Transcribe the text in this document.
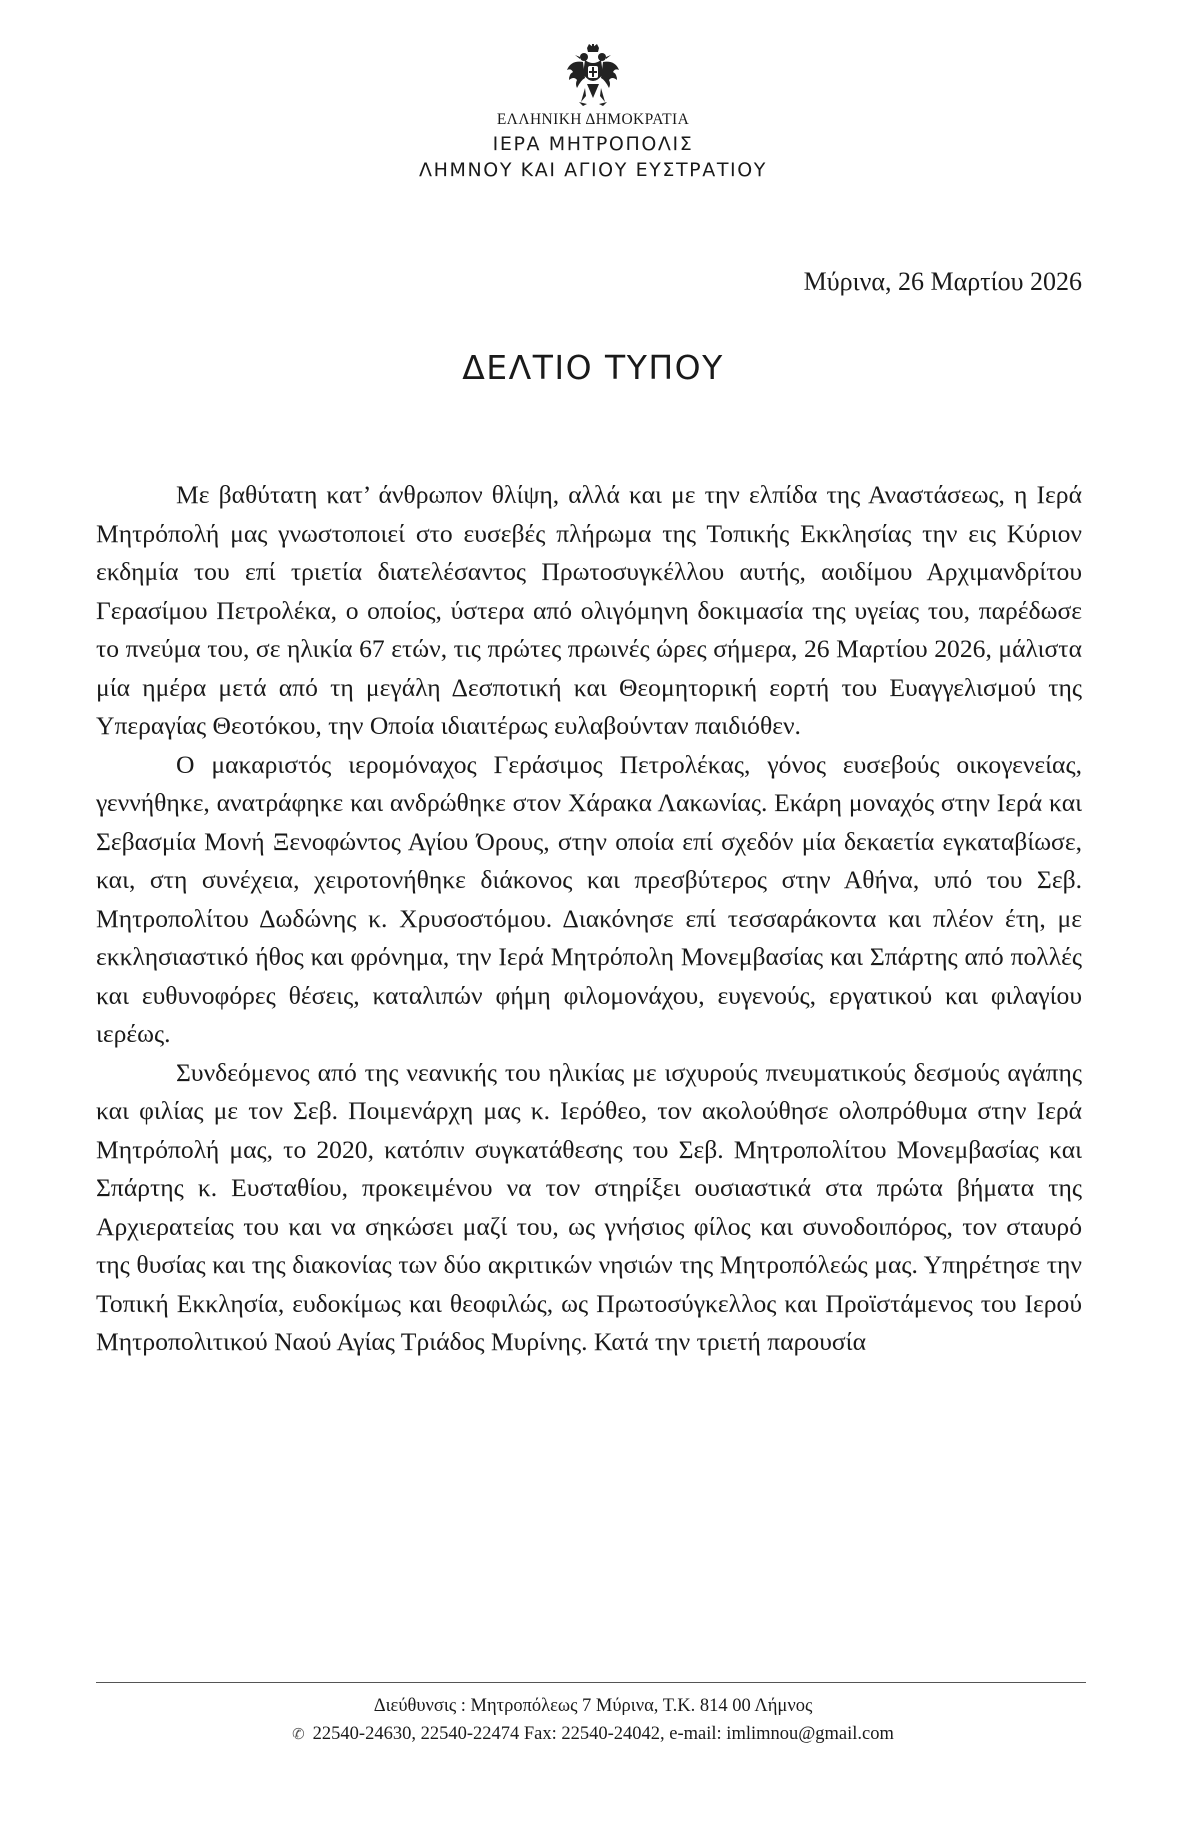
ΕΛΛΗΝΙΚΗ ΔΗΜΟΚΡΑΤΙΑ
ΙΕΡΑ ΜΗΤΡΟΠΟΛΙΣ
ΛΗΜΝΟΥ ΚΑΙ ΑΓΙΟΥ ΕΥΣΤΡΑΤΙΟΥ
Μύρινα, 26 Μαρτίου 2026
ΔΕΛΤΙΟ ΤΥΠΟΥ

Με βαθύτατη κατ’ άνθρωπον θλίψη, αλλά και με την ελπίδα της Αναστάσεως, η Ιερά Μητρόπολή μας γνωστοποιεί στο ευσεβές πλήρωμα της Τοπικής Εκκλησίας την εις Κύριον εκδημία του επί τριετία διατελέσαντος Πρωτοσυγκέλλου αυτής, αοιδίμου Αρχιμανδρίτου Γερασίμου Πετρολέκα, ο οποίος, ύστερα από ολιγόμηνη δοκιμασία της υγείας του, παρέδωσε το πνεύμα του, σε ηλικία 67 ετών, τις πρώτες πρωινές ώρες σήμερα, 26 Μαρτίου 2026, μάλιστα μία ημέρα μετά από τη μεγάλη Δεσποτική και Θεομητορική εορτή του Ευαγγελισμού της Υπεραγίας Θεοτόκου, την Οποία ιδιαιτέρως ευλαβούνταν παιδιόθεν.

Ο μακαριστός ιερομόναχος Γεράσιμος Πετρολέκας, γόνος ευσεβούς οικογενείας, γεννήθηκε, ανατράφηκε και ανδρώθηκε στον Χάρακα Λακωνίας. Εκάρη μοναχός στην Ιερά και Σεβασμία Μονή Ξενοφώντος Αγίου Όρους, στην οποία επί σχεδόν μία δεκαετία εγκαταβίωσε, και, στη συνέχεια, χειροτονήθηκε διάκονος και πρεσβύτερος στην Αθήνα, υπό του Σεβ. Μητροπολίτου Δωδώνης κ. Χρυσοστόμου. Διακόνησε επί τεσσαράκοντα και πλέον έτη, με εκκλησιαστικό ήθος και φρόνημα, την Ιερά Μητρόπολη Μονεμβασίας και Σπάρτης από πολλές και ευθυνοφόρες θέσεις, καταλιπών φήμη φιλομονάχου, ευγενούς, εργατικού και φιλαγίου ιερέως.

Συνδεόμενος από της νεανικής του ηλικίας με ισχυρούς πνευματικούς δεσμούς αγάπης και φιλίας με τον Σεβ. Ποιμενάρχη μας κ. Ιερόθεο, τον ακολούθησε ολοπρόθυμα στην Ιερά Μητρόπολή μας, το 2020, κατόπιν συγκατάθεσης του Σεβ. Μητροπολίτου Μονεμβασίας και Σπάρτης κ. Ευσταθίου, προκειμένου να τον στηρίξει ουσιαστικά στα πρώτα βήματα της Αρχιερατείας του και να σηκώσει μαζί του, ως γνήσιος φίλος και συνοδοιπόρος, τον σταυρό της θυσίας και της διακονίας των δύο ακριτικών νησιών της Μητροπόλεώς μας. Υπηρέτησε την Τοπική Εκκλησία, ευδοκίμως και θεοφιλώς, ως Πρωτοσύγκελλος και Προϊστάμενος του Ιερού Μητροπολιτικού Ναού Αγίας Τριάδος Μυρίνης. Κατά την τριετή παρουσία

Διεύθυνσις : Μητροπόλεως 7 Μύρινα, Τ.Κ. 814 00 Λήμνος
✆ 22540-24630, 22540-22474 Fax: 22540-24042, e-mail: imlimnou@gmail.com
